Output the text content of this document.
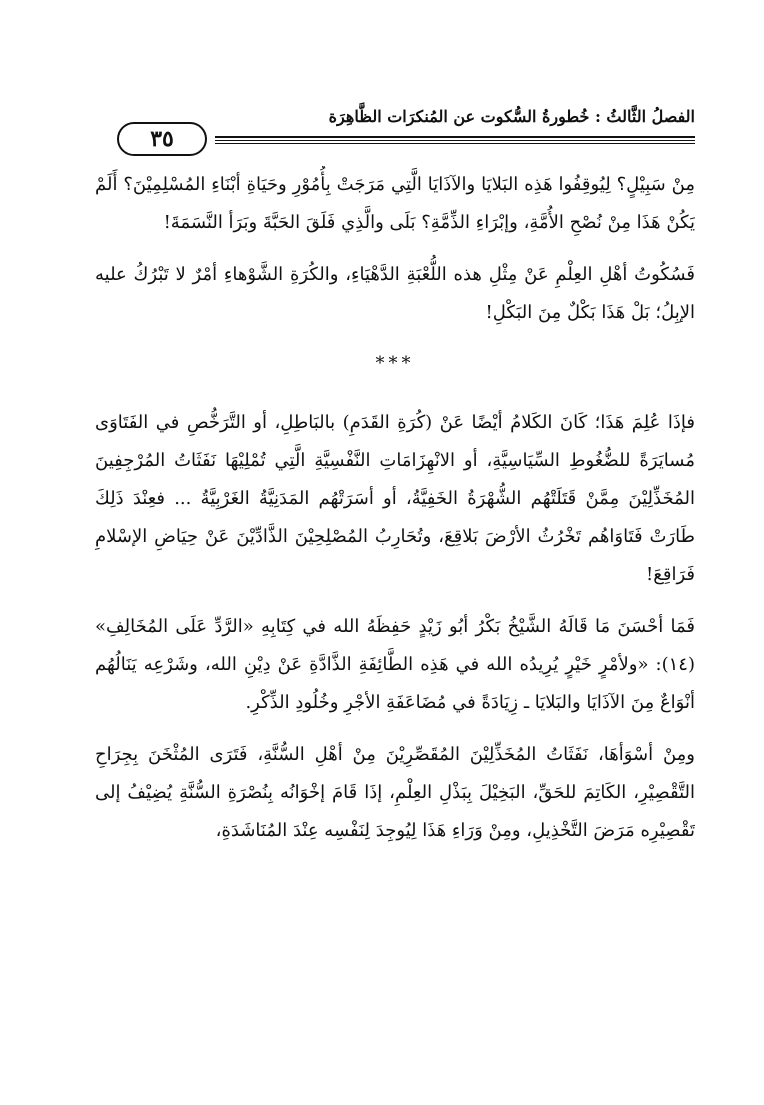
الفصلُ الثَّالثُ : خُطورةُ السُّكوت عن المُنكرَات الظَّاهِرَة
٣٥

مِنْ سَبِيْلٍ؟ لِيُوقِفُوا هَذِه البَلايَا والآذَايَا الَّتِي مَرَجَتْ بِأُمُوْرِ وحَيَاةِ أبْنَاءِ المُسْلِمِيْنَ؟ أَلَمْ يَكُنْ هَذَا مِنْ نُصْحِ الأُمَّةِ، وإبْرَاءِ الذِّمَّةِ؟ بَلَى والَّذِي فَلَقَ الحَبَّةَ وبَرَأ النَّسَمَةَ!

فَسُكُوتُ أهْلِ العِلْمِ عَنْ مِثْلِ هذه اللُّعْبَةِ الدَّهْيَاءِ، والكُرَةِ الشَّوْهاءِ أمْرٌ لا تَبْرُكُ عليه الإبِلُ؛ بَلْ هَذَا بَكْلٌ مِنَ البَكْلِ!

***

فإذَا عُلِمَ هَذَا؛ كَانَ الكَلامُ أيْضًا عَنْ (كُرَةِ القَدَمِ) بالبَاطِلِ، أو التَّرَخُّصِ في الفَتَاوَى مُسايَرَةً للضُّغُوطِ السِّيَاسِيَّةِ، أو الانْهِزَامَاتِ النَّفْسِيَّةِ الَّتِي تُمْلِيْهَا نَفَثَاتُ المُرْجِفِينَ المُخَذِّلِيْنَ مِمَّنْ قَتَلَتْهُم الشُّهْرَةُ الخَفِيَّةُ، أو أسَرَتْهُم المَدَنِيَّةُ الغَرْبِيَّةُ ... فعِنْدَ ذَلِكَ طَارَتْ فَتَاوَاهُم تَخْرُثُ الأرْضَ بَلاقِعَ، وتُحَارِبُ المُصْلِحِيْنَ الذَّادِّيْنَ عَنْ حِيَاضِ الإسْلامِ فَرَاقِعَ!

فَمَا أحْسَنَ مَا قَالَهُ الشَّيْخُ بَكْرُ أبُو زَيْدٍ حَفِظَهُ الله في كِتَابِهِ «الرَّدِّ عَلَى المُخَالِفِ» (١٤): «ولأمْرٍ خَيْرٍ يُرِيدُه الله في هَذِه الطَّائِفَةِ الذَّادَّةِ عَنْ دِيْنِ الله، وشَرْعِه يَنَالُهُم أنْوَاعٌ مِنَ الآذَايَا والبَلايَا ـ زِيَادَةً في مُضَاعَفَةِ الأجْرِ وخُلُودِ الذِّكْرِ.

ومِنْ أسْوَأهَا، نَفَثَاتُ المُخَذِّلِيْنَ المُقَصِّرِيْنَ مِنْ أهْلِ السُّنَّةِ، فَتَرَى المُثْخَنَ بِجِرَاحِ التَّقْصِيْرِ، الكَاتِمَ للحَقِّ، البَخِيْلَ بِبَذْلِ العِلْمِ، إذَا قَامَ إخْوَانُه بِنُصْرَةِ السُّنَّةِ يُضِيْفُ إلى تَقْصِيْرِه مَرَضَ التَّخْذِيلِ، ومِنْ وَرَاءِ هَذَا لِيُوجِدَ لِنَفْسِه عِنْدَ المُنَاشَدَةِ،
